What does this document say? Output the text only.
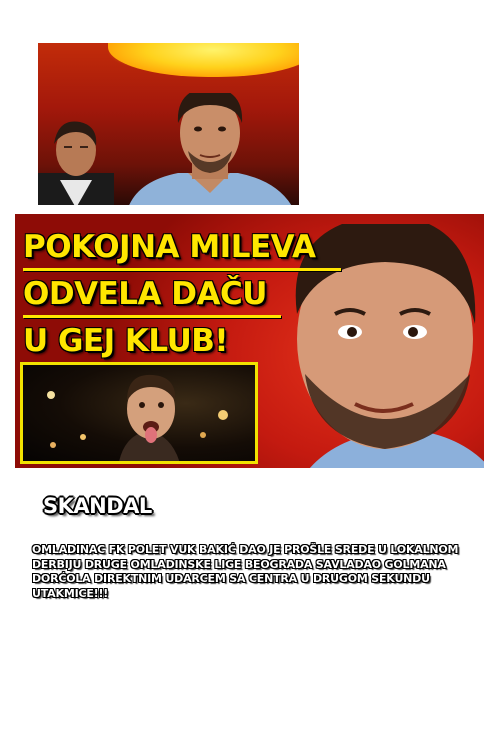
POKOJNA MILEVA
ODVELA DAČU
U GEJ KLUB!
SKANDAL

OMLADINAC FK POLET VUK BAKIĆ DAO JE PROŠLE SREDE U LOKALNOM DERBIJU DRUGE OMLADINSKE LIGE BEOGRADA SAVLADAO GOLMANA DORĆOLA DIREKTNIM UDARCEM SA CENTRA U DRUGOM SEKUNDU UTAKMICE!!!
